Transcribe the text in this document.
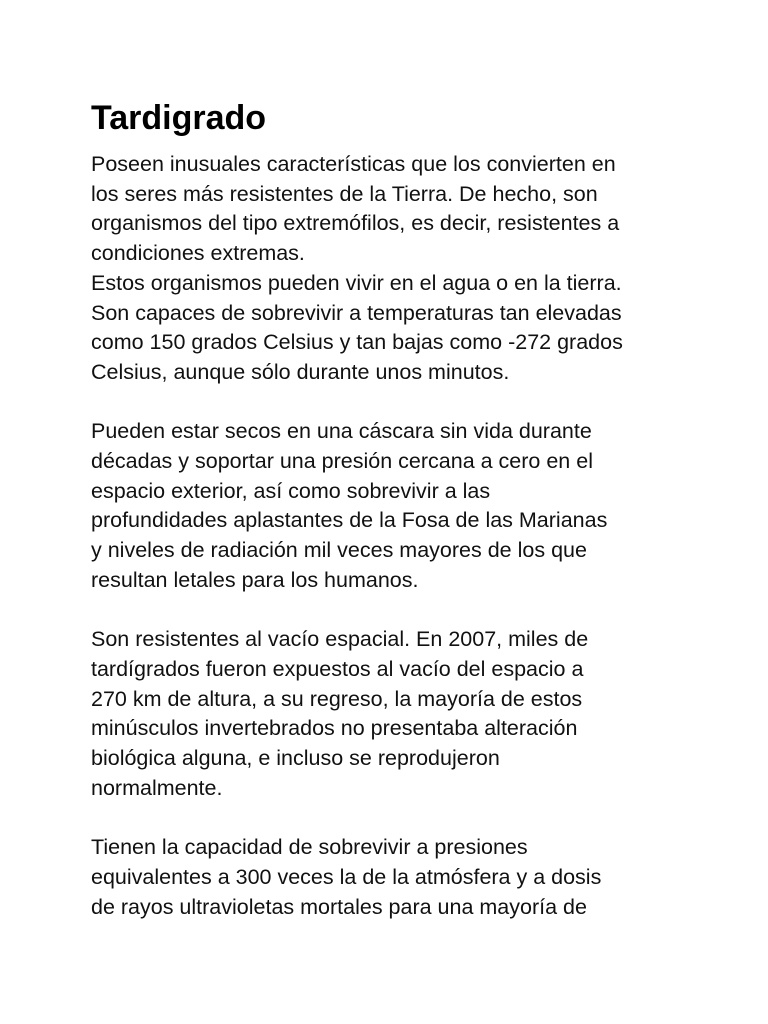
Tardigrado

Poseen inusuales características que los convierten en
los seres más resistentes de la Tierra. De hecho, son
organismos del tipo extremófilos, es decir, resistentes a
condiciones extremas.
Estos organismos pueden vivir en el agua o en la tierra.
Son capaces de sobrevivir a temperaturas tan elevadas
como 150 grados Celsius y tan bajas como -272 grados
Celsius, aunque sólo durante unos minutos.

Pueden estar secos en una cáscara sin vida durante
décadas y soportar una presión cercana a cero en el
espacio exterior, así como sobrevivir a las
profundidades aplastantes de la Fosa de las Marianas
y niveles de radiación mil veces mayores de los que
resultan letales para los humanos.

Son resistentes al vacío espacial. En 2007, miles de
tardígrados fueron expuestos al vacío del espacio a
270 km de altura, a su regreso, la mayoría de estos
minúsculos invertebrados no presentaba alteración
biológica alguna, e incluso se reprodujeron
normalmente.

Tienen la capacidad de sobrevivir a presiones
equivalentes a 300 veces la de la atmósfera y a dosis
de rayos ultravioletas mortales para una mayoría de
